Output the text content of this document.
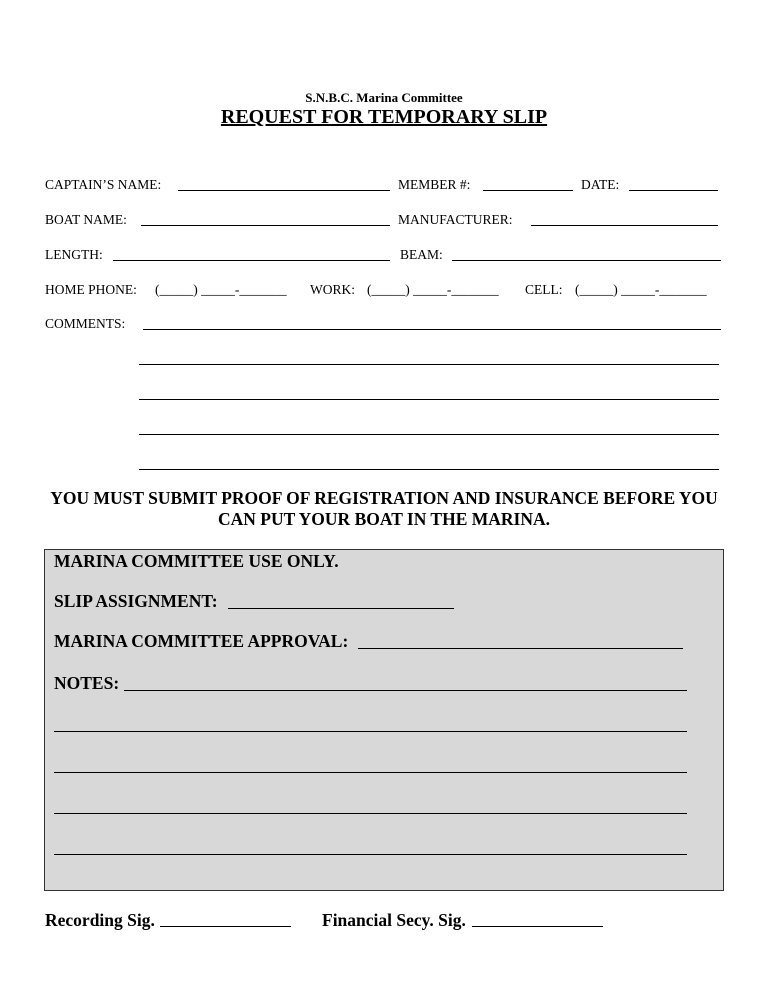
S.N.B.C. Marina Committee
REQUEST FOR TEMPORARY SLIP
CAPTAIN’S NAME:	MEMBER #:	DATE:
BOAT NAME:	MANUFACTURER:
LENGTH:	BEAM:
HOME PHONE: (_____) _____-_______ WORK: (_____) _____-_______ CELL: (_____) _____-_______
COMMENTS:
YOU MUST SUBMIT PROOF OF REGISTRATION AND INSURANCE BEFORE YOU CAN PUT YOUR BOAT IN THE MARINA.
MARINA COMMITTEE USE ONLY.
SLIP ASSIGNMENT:
MARINA COMMITTEE APPROVAL:
NOTES:
Recording Sig.	Financial Secy. Sig.
